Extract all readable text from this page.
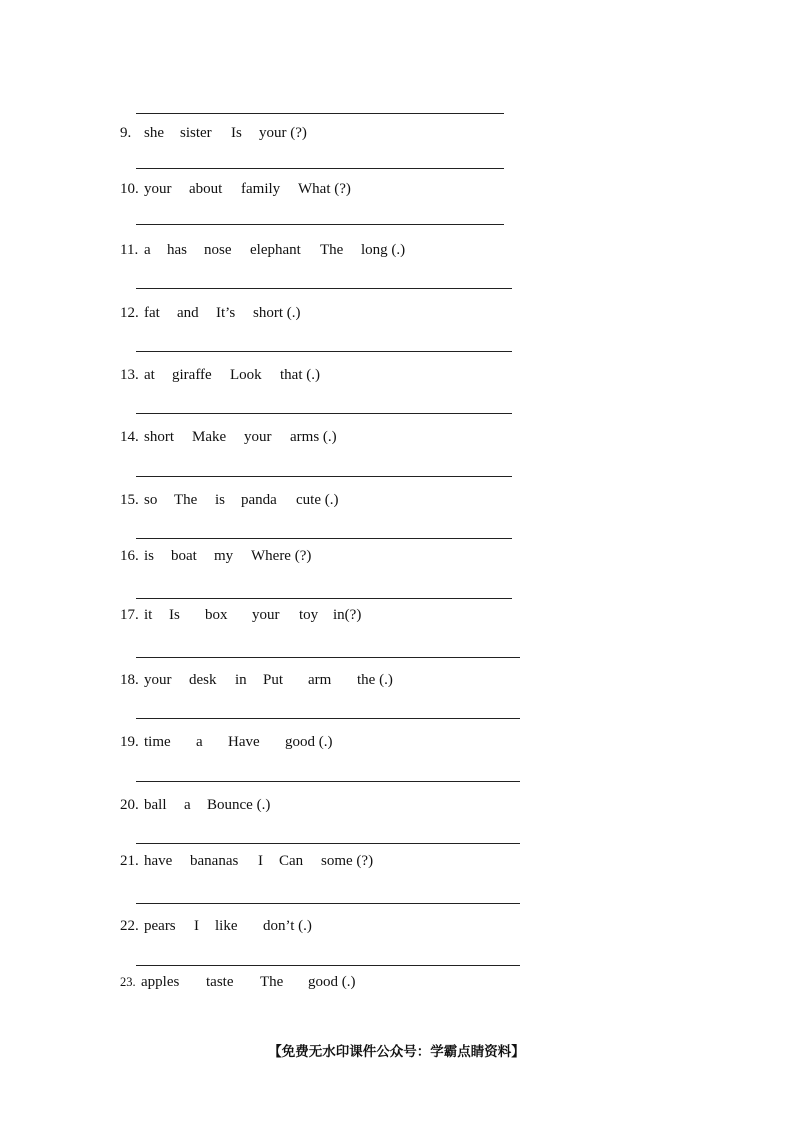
9. she sister Is your (?)
10. your about family What (?)
11. a has nose elephant The long (.)
12. fat and It’s short (.)
13. at giraffe Look that (.)
14. short Make your arms (.)
15. so The is panda cute (.)
16. is boat my Where (?)
17. it Is box your toy in(?)
18. your desk in Put arm the (.)
19. time a Have good (.)
20. ball a Bounce (.)
21. have bananas I Can some (?)
22. pears I like don’t (.)
23. apples taste The good (.)
【免费无水印课件公众号：学霸点睛资料】
